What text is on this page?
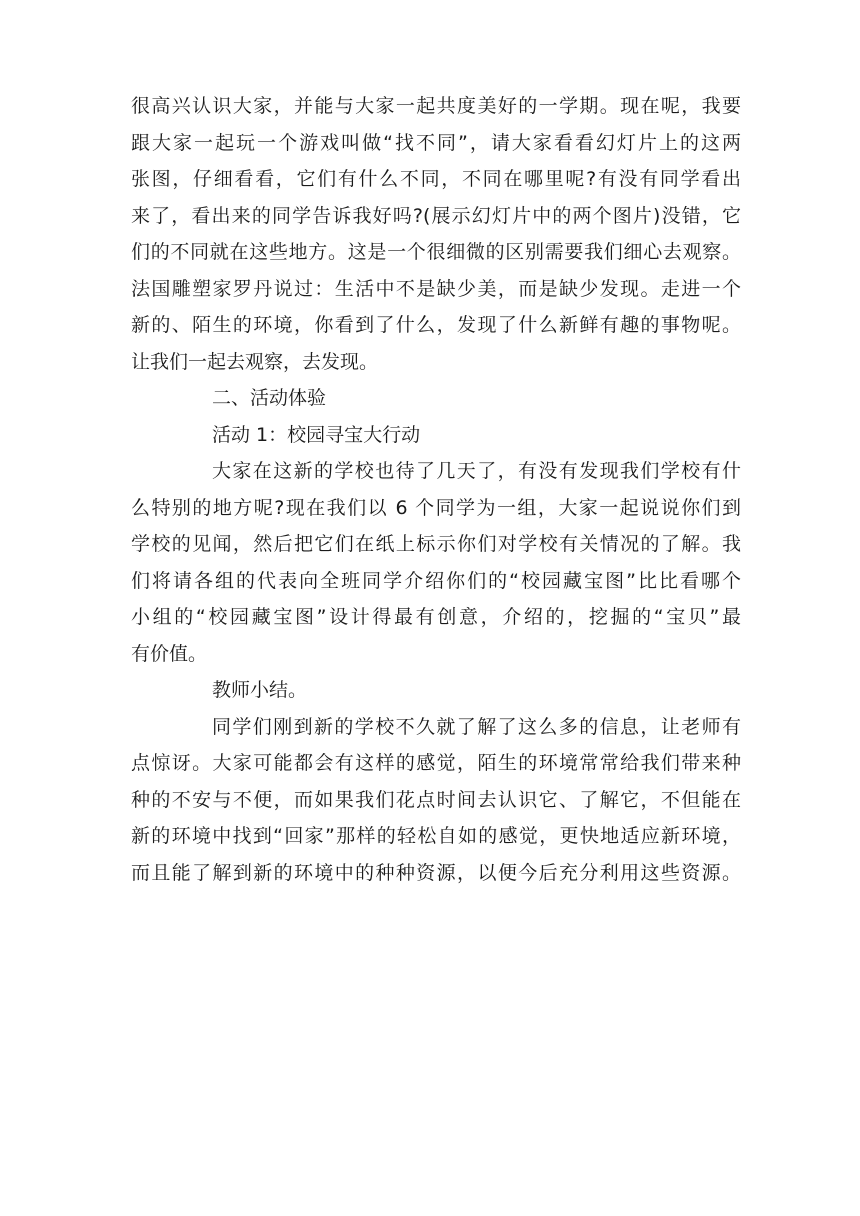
很高兴认识大家，并能与大家一起共度美好的一学期。现在呢，我要
跟大家一起玩一个游戏叫做“找不同”，请大家看看幻灯片上的这两
张图，仔细看看，它们有什么不同，不同在哪里呢?有没有同学看出
来了，看出来的同学告诉我好吗?(展示幻灯片中的两个图片)没错，它
们的不同就在这些地方。这是一个很细微的区别需要我们细心去观察。
法国雕塑家罗丹说过：生活中不是缺少美，而是缺少发现。走进一个
新的、陌生的环境，你看到了什么，发现了什么新鲜有趣的事物呢。
让我们一起去观察，去发现。
二、活动体验
活动 1：校园寻宝大行动
大家在这新的学校也待了几天了，有没有发现我们学校有什
么特别的地方呢?现在我们以 6 个同学为一组，大家一起说说你们到
学校的见闻，然后把它们在纸上标示你们对学校有关情况的了解。我
们将请各组的代表向全班同学介绍你们的“校园藏宝图”比比看哪个
小组的“校园藏宝图”设计得最有创意，介绍的，挖掘的“宝贝”最
有价值。
教师小结。
同学们刚到新的学校不久就了解了这么多的信息，让老师有
点惊讶。大家可能都会有这样的感觉，陌生的环境常常给我们带来种
种的不安与不便，而如果我们花点时间去认识它、了解它，不但能在
新的环境中找到“回家”那样的轻松自如的感觉，更快地适应新环境，
而且能了解到新的环境中的种种资源，以便今后充分利用这些资源。
